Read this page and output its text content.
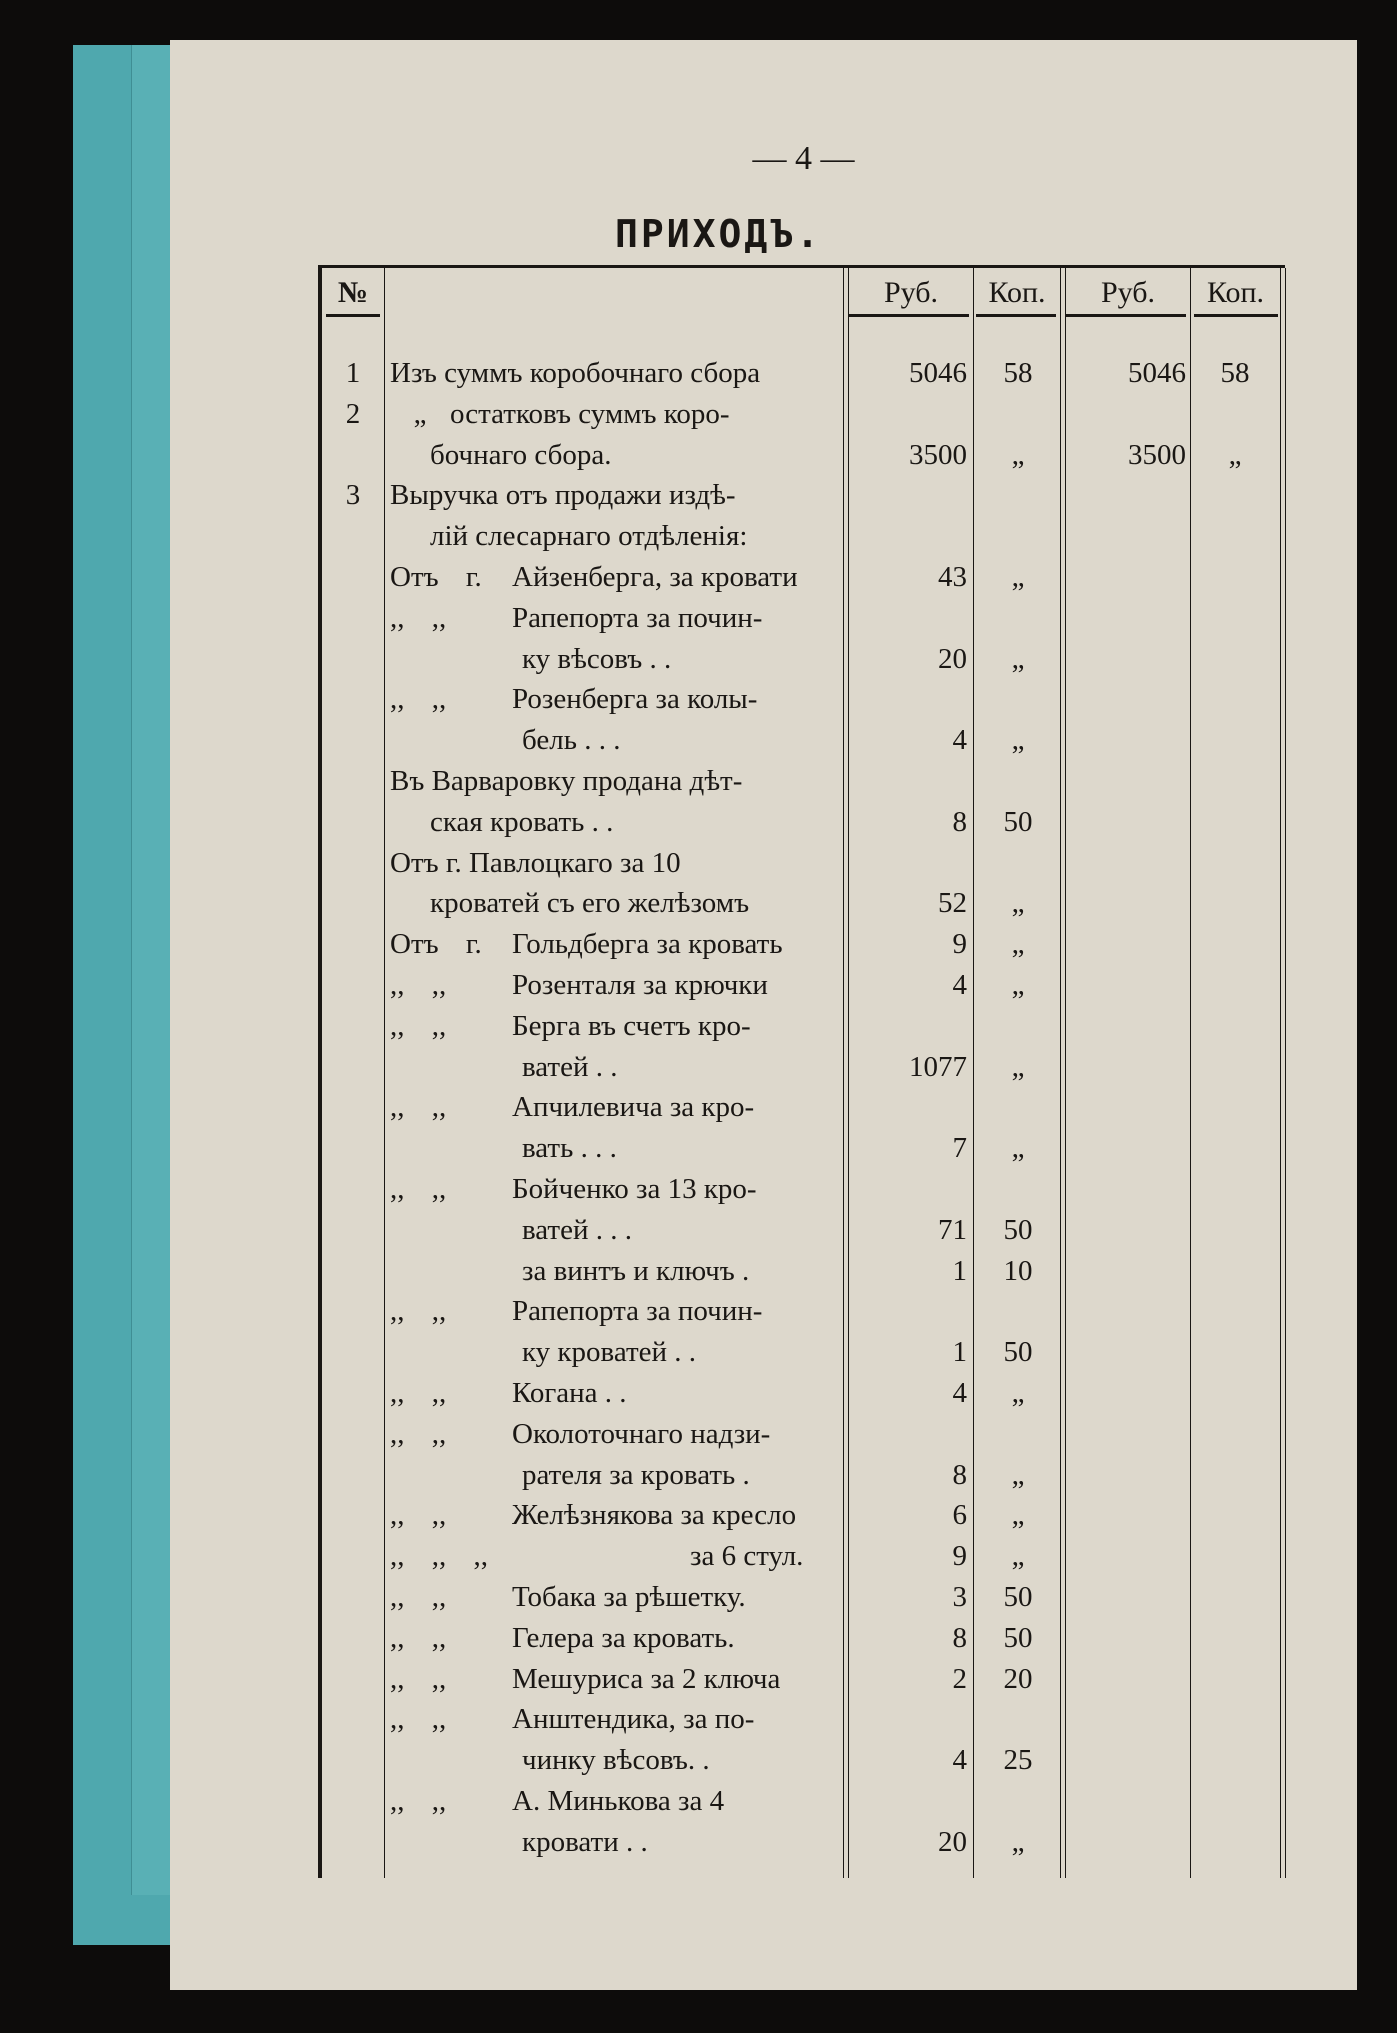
— 4 —
ПРИХОДЪ.
№	Руб.	Коп.	Руб.	Коп.
1	Изъ суммъ коробочнаго сбора	5046	58	5046	58
2	„ остатковъ суммъ коро-
бочнаго сбора.	3500	„	3500	„
3	Выручка отъ продажи издѣ-
лій слесарнаго отдѣленія:
Отъ г. Айзенберга, за кровати	43	„
,, ,, Рапепорта за почин-
ку вѣсовъ . .	20	„
,, ,, Розенберга за колы-
бель . . .	4	„
Въ Варваровку продана дѣт-
ская кровать . .	8	50
Отъ г. Павлоцкаго за 10
кроватей съ его желѣзомъ	52	„
Отъ г. Гольдберга за кровать	9	„
,, ,, Розенталя за крючки	4	„
,, ,, Берга въ счетъ кро-
ватей . .	1077	„
,, ,, Апчилевича за кро-
вать . . .	7	„
,, ,, Бойченко за 13 кро-
ватей . . .	71	50
за винтъ и ключъ .	1	10
,, ,, Рапепорта за почин-
ку кроватей . .	1	50
,, ,, Когана . .	4	„
,, ,, Околоточнаго надзи-
рателя за кровать .	8	„
,, ,, Желѣзнякова за кресло	6	„
,, ,, ,,	за 6 стул.	9	„
,, ,, Тобака за рѣшетку.	3	50
,, ,, Гелера за кровать.	8	50
,, ,, Мешуриса за 2 ключа	2	20
,, ,, Анштендика, за по-
чинку вѣсовъ. .	4	25
,, ,, А. Минькова за 4
кровати . .	20	„
